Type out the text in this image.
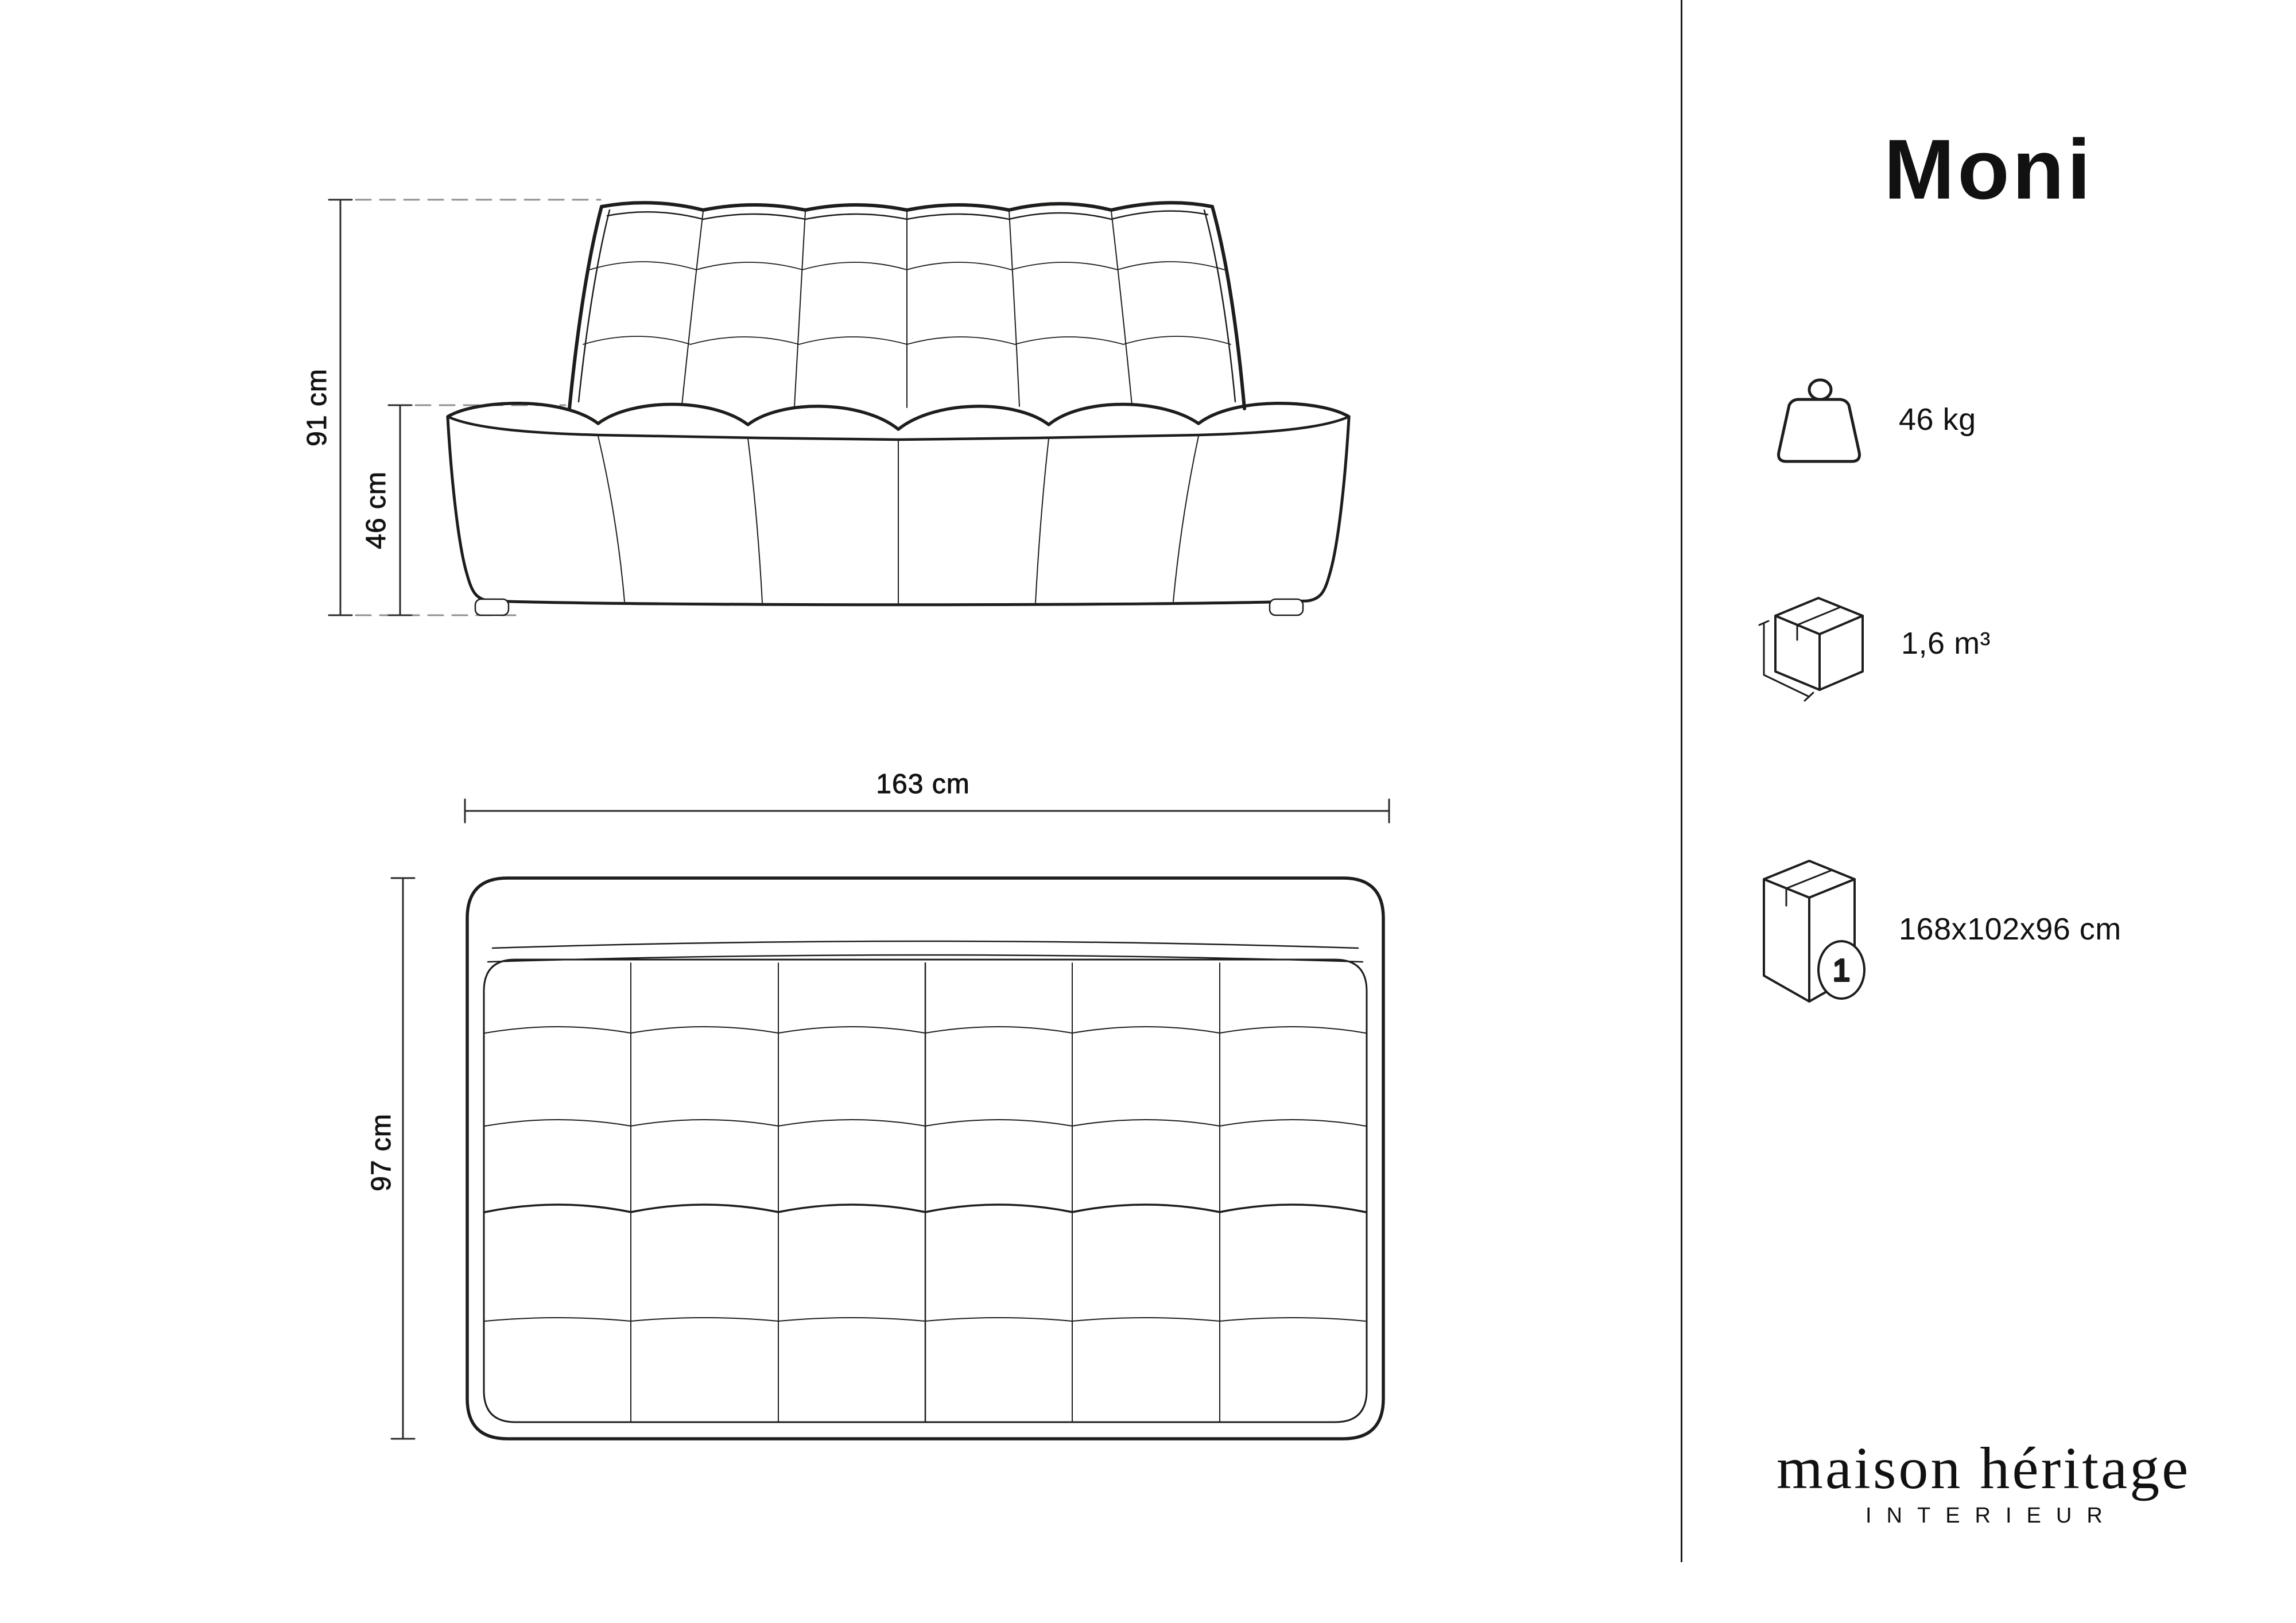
91 cm
46 cm
163 cm
97 cm
Moni
46 kg
1,6 m³
1
168x102x96 cm
maison héritage
INTERIEUR
